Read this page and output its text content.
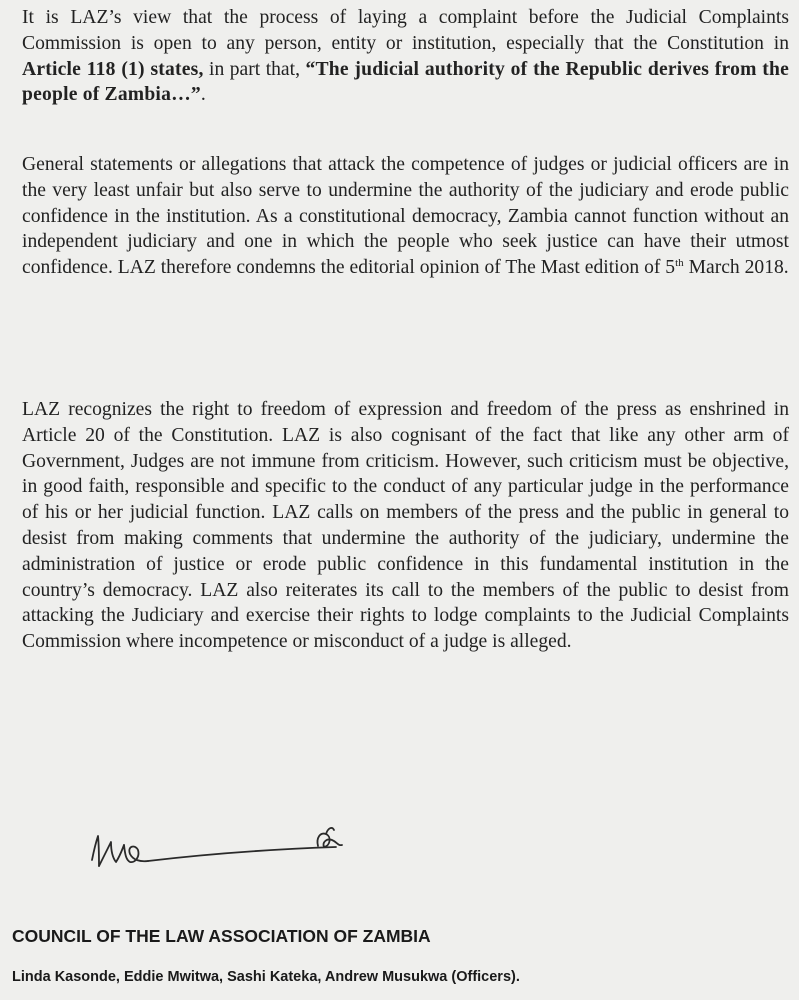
It is LAZ’s view that the process of laying a complaint before the Judicial Complaints Commission is open to any person, entity or institution, especially that the Constitution in Article 118 (1) states, in part that, “The judicial authority of the Republic derives from the people of Zambia…”.

General statements or allegations that attack the competence of judges or judicial officers are in the very least unfair but also serve to undermine the authority of the judiciary and erode public confidence in the institution. As a constitutional democracy, Zambia cannot function without an independent judiciary and one in which the people who seek justice can have their utmost confidence. LAZ therefore condemns the editorial opinion of The Mast edition of 5th March 2018.

LAZ recognizes the right to freedom of expression and freedom of the press as enshrined in Article 20 of the Constitution. LAZ is also cognisant of the fact that like any other arm of Government, Judges are not immune from criticism. However, such criticism must be objective, in good faith, responsible and specific to the conduct of any particular judge in the performance of his or her judicial function. LAZ calls on members of the press and the public in general to desist from making comments that undermine the authority of the judiciary, undermine the administration of justice or erode public confidence in this fundamental institution in the country’s democracy. LAZ also reiterates its call to the members of the public to desist from attacking the Judiciary and exercise their rights to lodge complaints to the Judicial Complaints Commission where incompetence or misconduct of a judge is alleged.

COUNCIL OF THE LAW ASSOCIATION OF ZAMBIA

Linda Kasonde, Eddie Mwitwa, Sashi Kateka, Andrew Musukwa (Officers).
